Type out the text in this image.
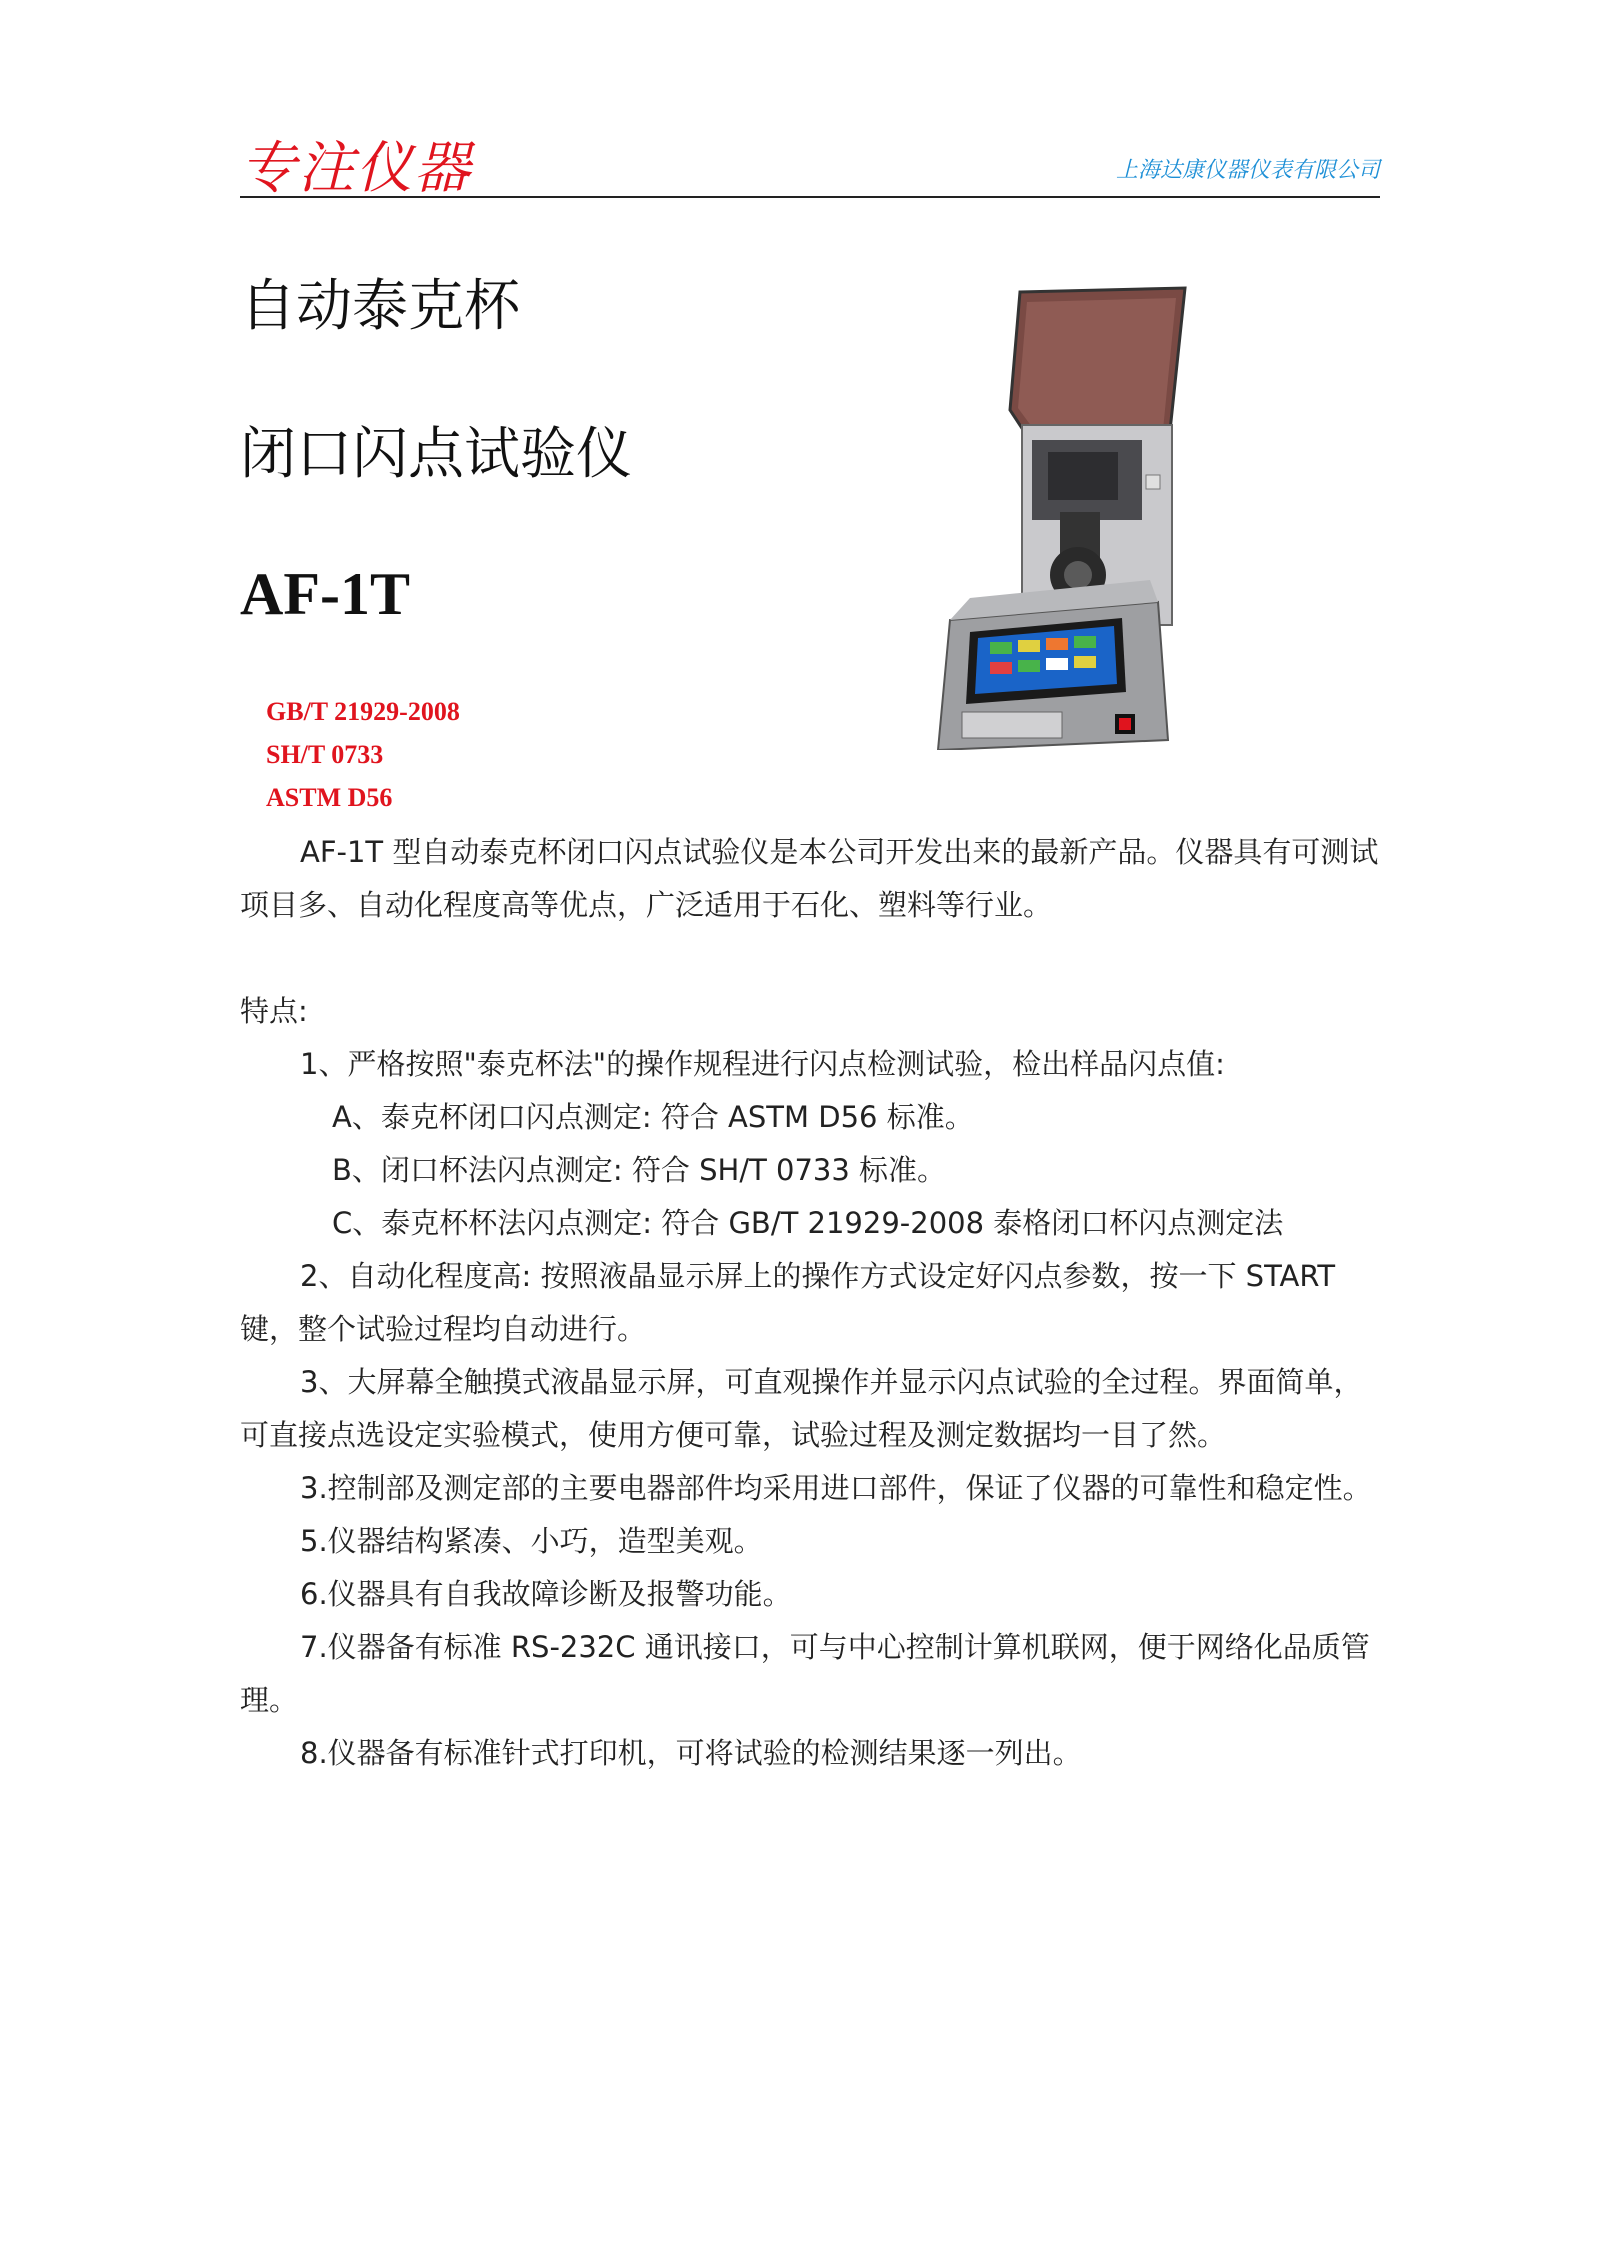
专注仪器	上海达康仪器仪表有限公司
自动泰克杯
闭口闪点试验仪
AF-1T
GB/T 21929-2008
SH/T 0733
ASTM D56

AF-1T 型自动泰克杯闭口闪点试验仪是本公司开发出来的最新产品。仪器具有可测试项目多、自动化程度高等优点，广泛适用于石化、塑料等行业。

特点:

1、严格按照"泰克杯法"的操作规程进行闪点检测试验，检出样品闪点值:

A、泰克杯闭口闪点测定: 符合 ASTM D56 标准。

B、闭口杯法闪点测定: 符合 SH/T 0733 标准。

C、泰克杯杯法闪点测定: 符合 GB/T 21929-2008 泰格闭口杯闪点测定法

2、自动化程度高: 按照液晶显示屏上的操作方式设定好闪点参数，按一下 START 键，整个试验过程均自动进行。

3、大屏幕全触摸式液晶显示屏，可直观操作并显示闪点试验的全过程。界面简单，可直接点选设定实验模式，使用方便可靠，试验过程及测定数据均一目了然。

3.控制部及测定部的主要电器部件均采用进口部件，保证了仪器的可靠性和稳定性。

5.仪器结构紧凑、小巧，造型美观。

6.仪器具有自我故障诊断及报警功能。

7.仪器备有标准 RS-232C 通讯接口，可与中心控制计算机联网，便于网络化品质管理。

8.仪器备有标准针式打印机，可将试验的检测结果逐一列出。
